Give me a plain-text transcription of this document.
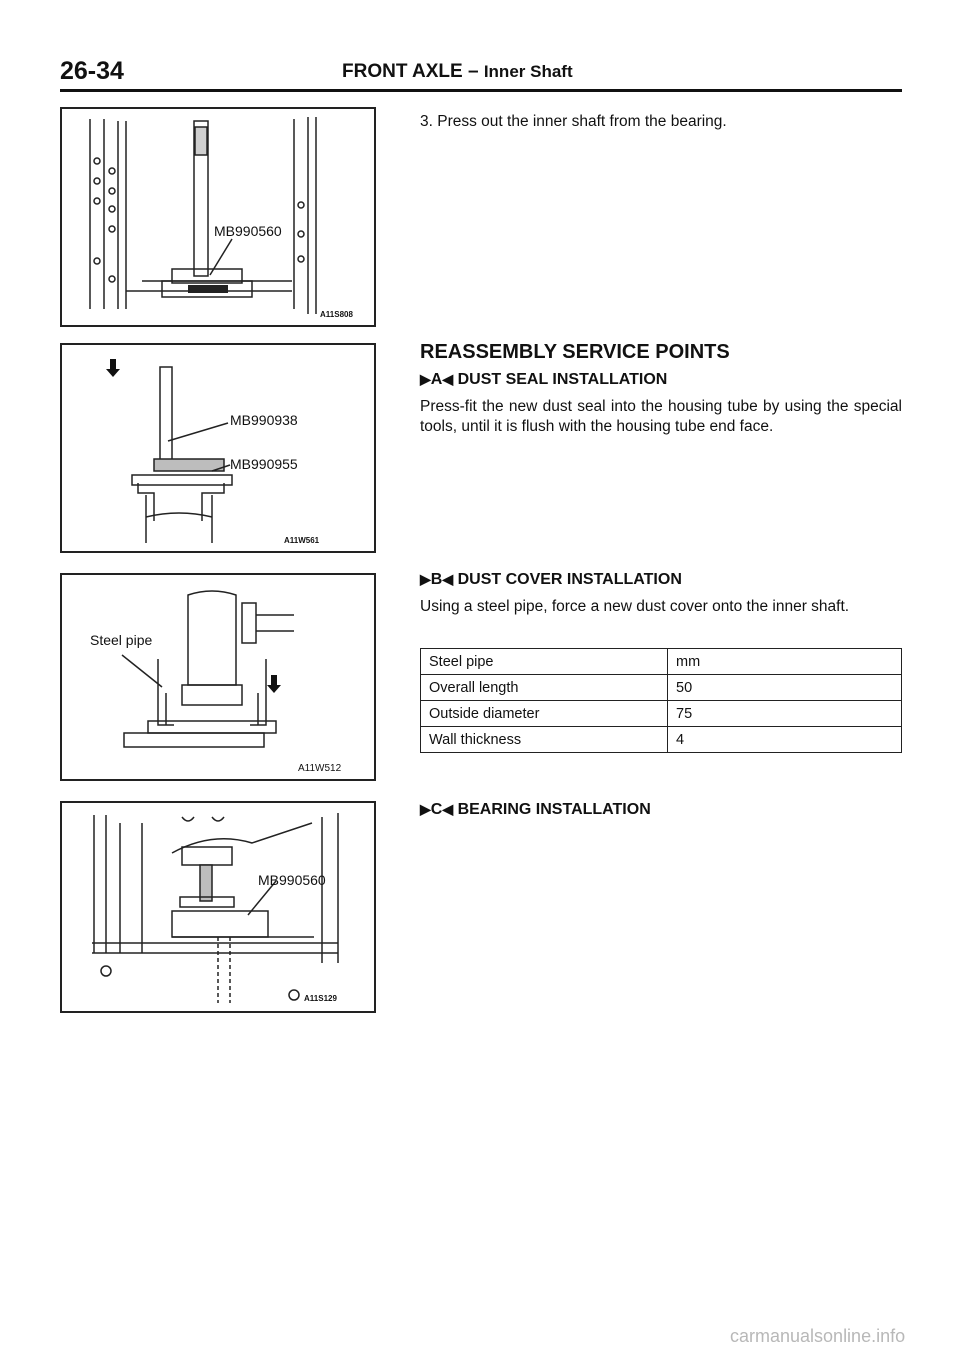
26-34	FRONT AXLE – Inner Shaft
MB990560
A11S808
MB990938
MB990955
A11W561
Steel pipe
A11W512
MB990560
A11S129
3. Press out the inner shaft from the bearing.
REASSEMBLY SERVICE POINTS
▶A◀ DUST SEAL INSTALLATION
Press-fit the new dust seal into the housing tube by using the special tools, until it is flush with the housing tube end face.
▶B◀ DUST COVER INSTALLATION
Using a steel pipe, force a new dust cover onto the inner shaft.
Steel pipe	mm
Overall length	50
Outside diameter	75
Wall thickness	4
▶C◀ BEARING INSTALLATION
carmanualsonline.info
